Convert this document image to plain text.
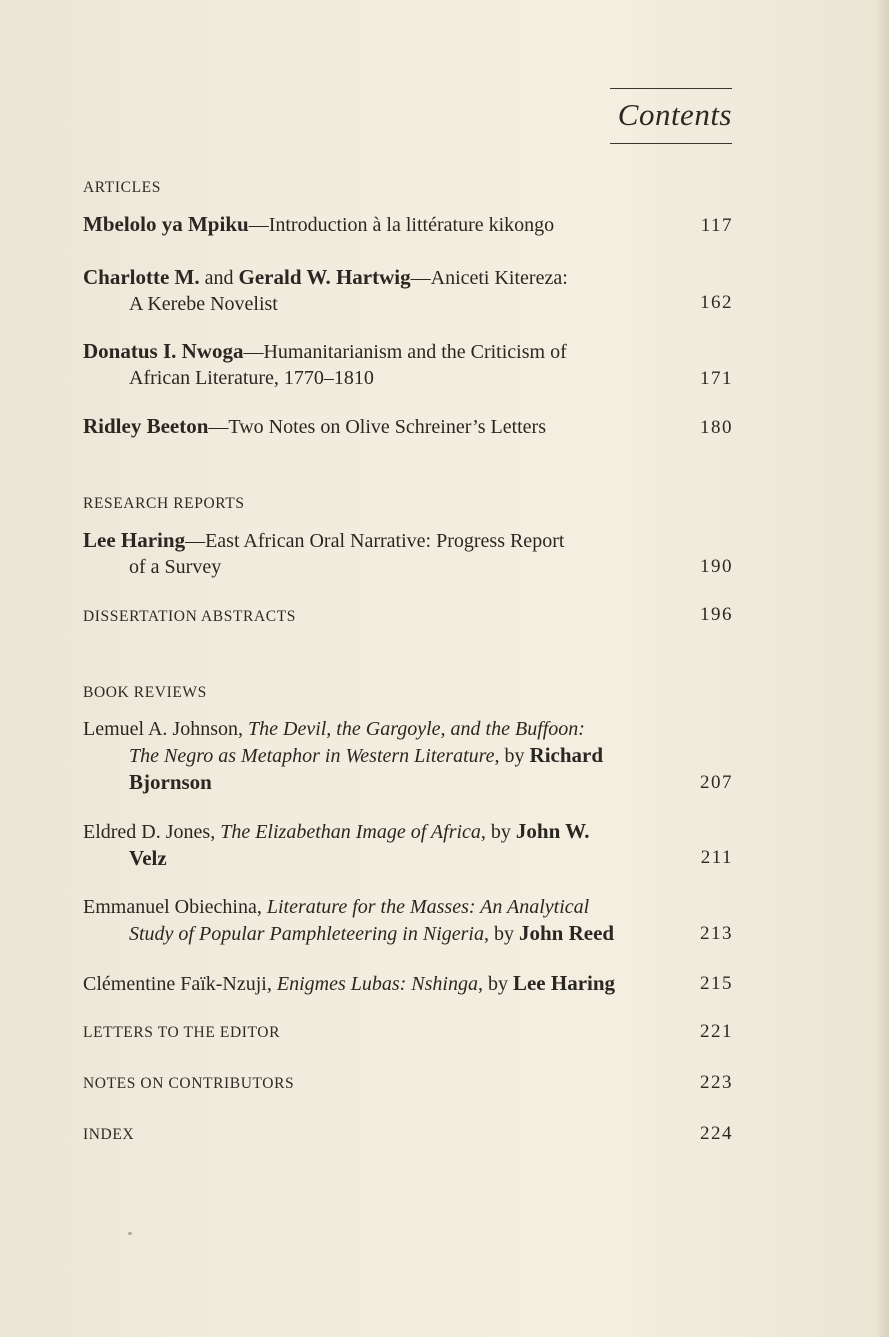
Contents
ARTICLES
Mbelolo ya Mpiku—Introduction à la littérature kikongo	117
Charlotte M. and Gerald W. Hartwig—Aniceti Kitereza:
A Kerebe Novelist	162
Donatus I. Nwoga—Humanitarianism and the Criticism of
African Literature, 1770–1810	171
Ridley Beeton—Two Notes on Olive Schreiner’s Letters	180
RESEARCH REPORTS
Lee Haring—East African Oral Narrative: Progress Report
of a Survey	190
DISSERTATION ABSTRACTS	196
BOOK REVIEWS
Lemuel A. Johnson, The Devil, the Gargoyle, and the Buffoon:
The Negro as Metaphor in Western Literature, by Richard
Bjornson	207
Eldred D. Jones, The Elizabethan Image of Africa, by John W.
Velz	211
Emmanuel Obiechina, Literature for the Masses: An Analytical
Study of Popular Pamphleteering in Nigeria, by John Reed	213
Clémentine Faïk-Nzuji, Enigmes Lubas: Nshinga, by Lee Haring	215
LETTERS TO THE EDITOR	221
NOTES ON CONTRIBUTORS	223
INDEX	224
